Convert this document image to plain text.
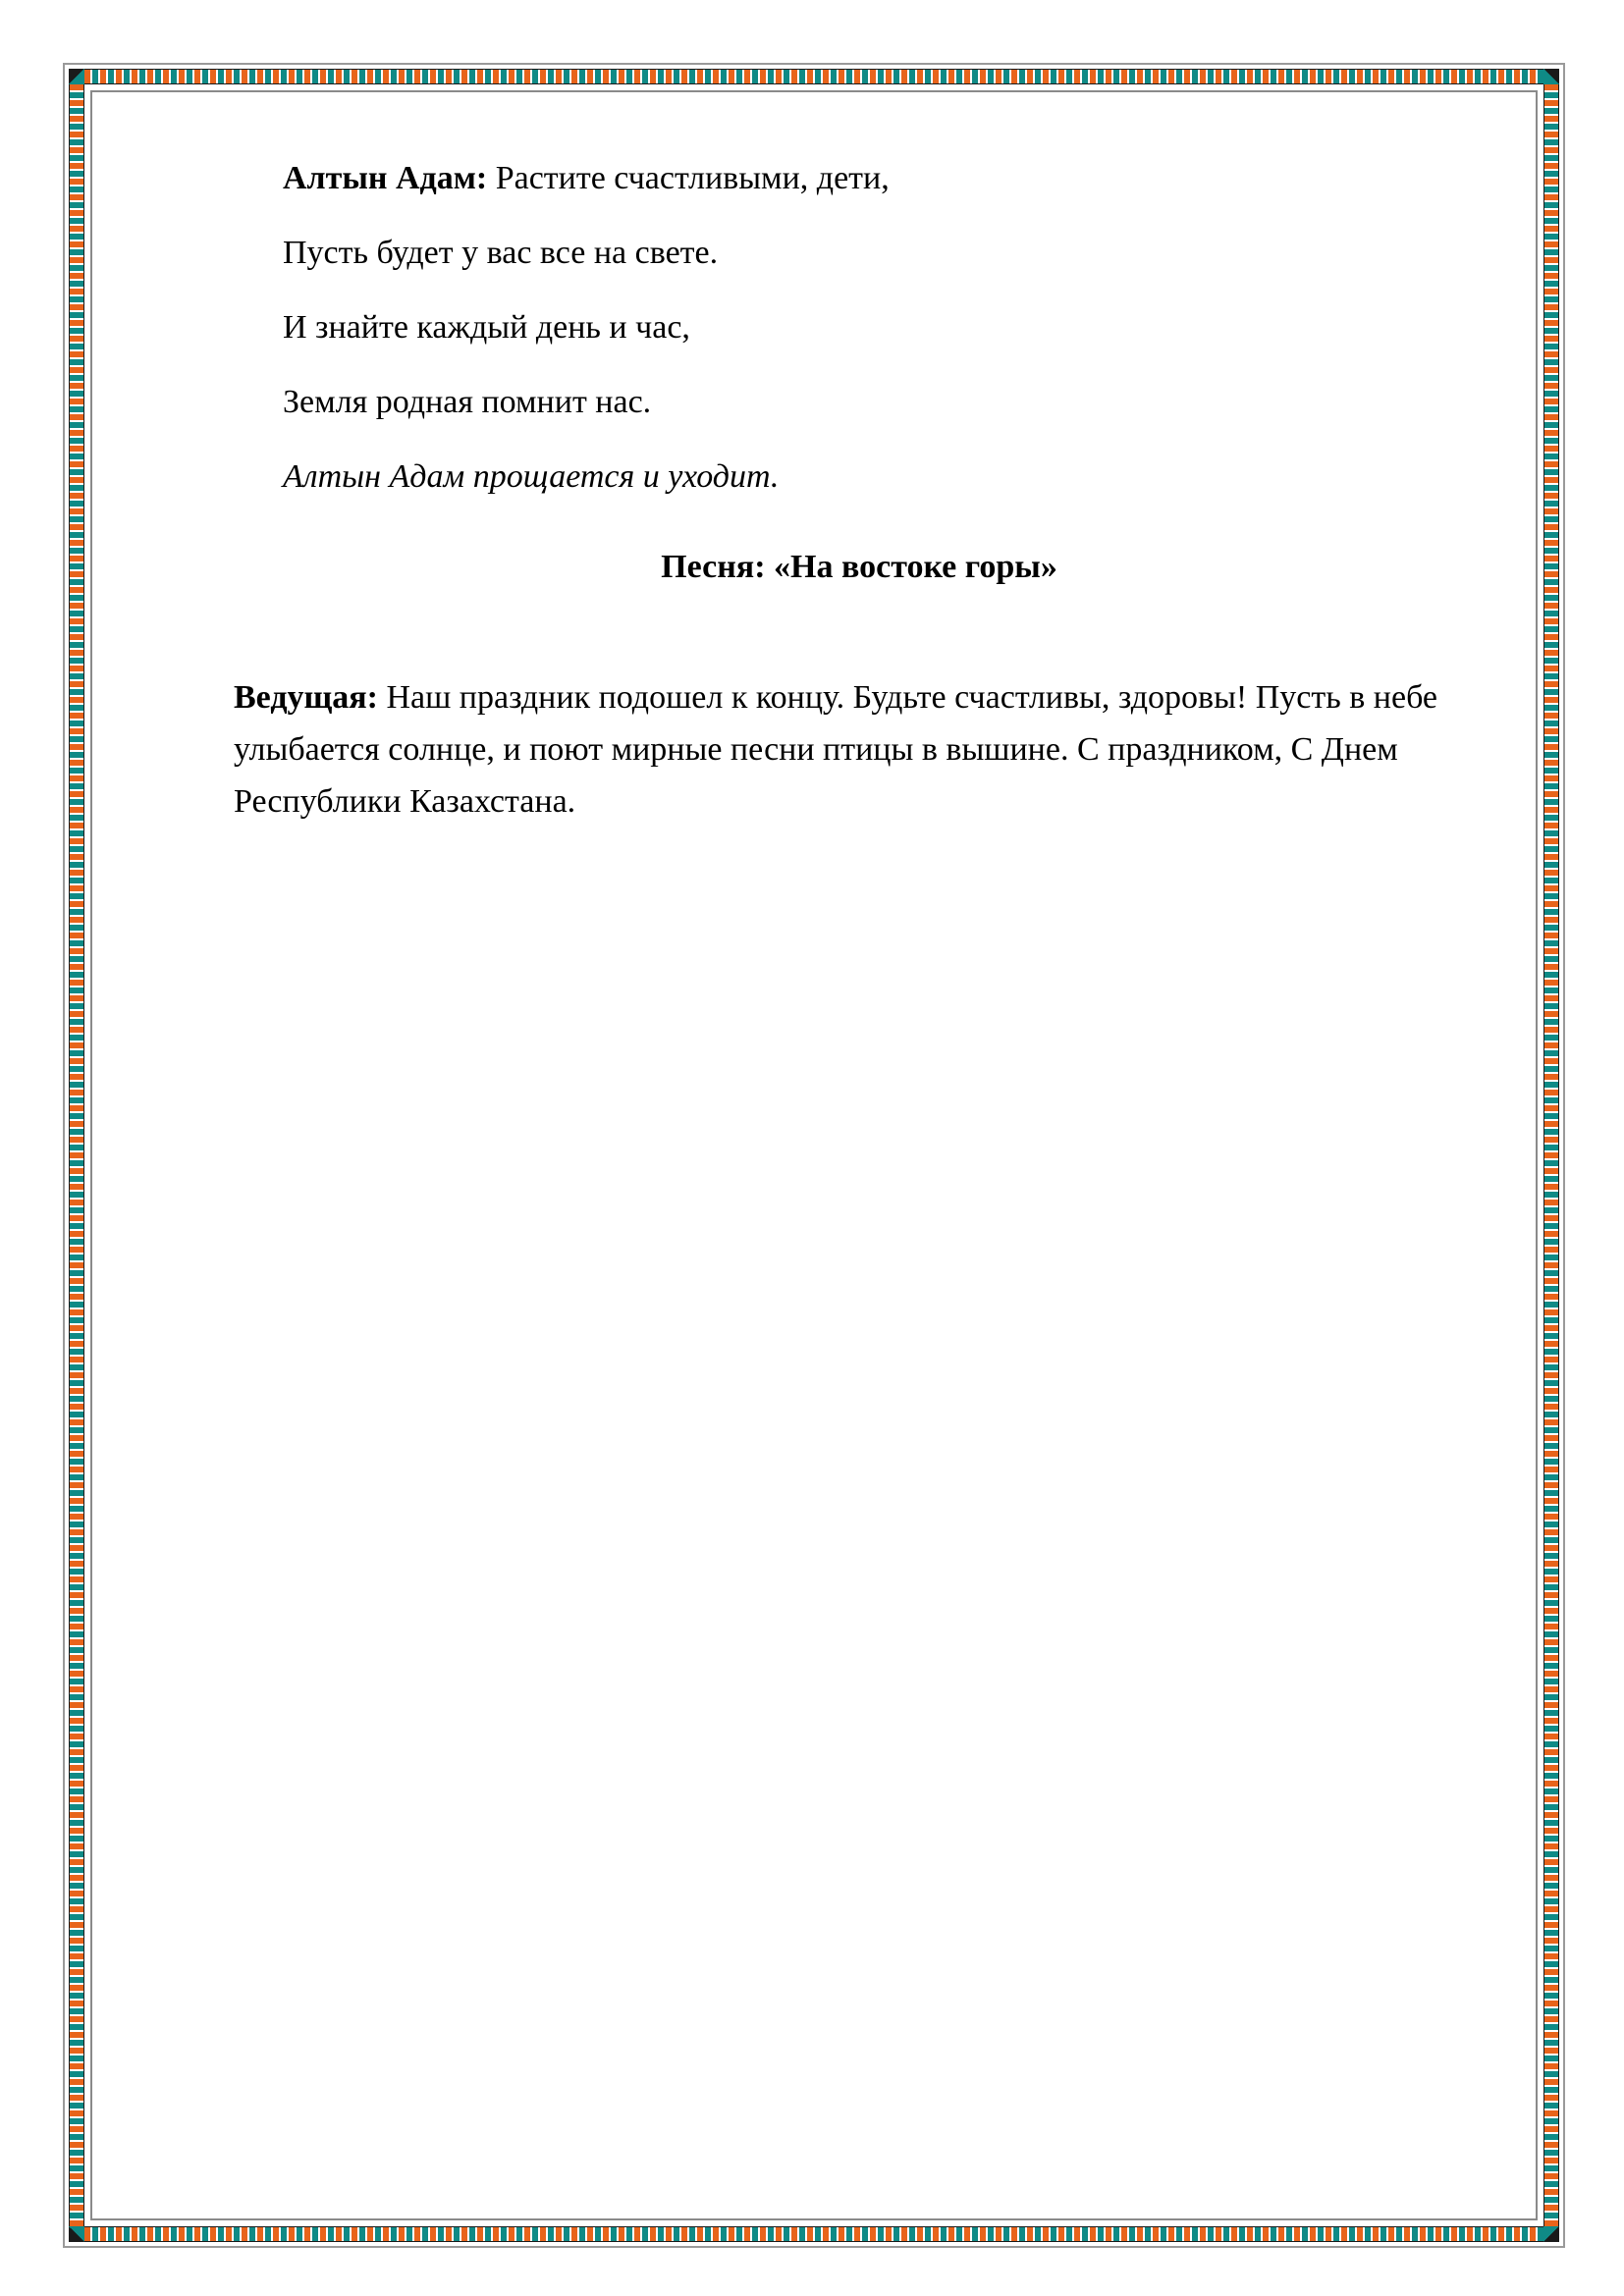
Алтын Адам: Растите счастливыми, дети,
Пусть будет у вас все на свете.
И знайте каждый день и час,
Земля родная помнит нас.
Алтын Адам прощается и уходит.
Песня: «На востоке горы»
Ведущая: Наш праздник подошел к концу. Будьте счастливы, здоровы! Пусть в небе улыбается солнце, и поют мирные песни птицы в вышине. С праздником, С Днем Республики Казахстана.
